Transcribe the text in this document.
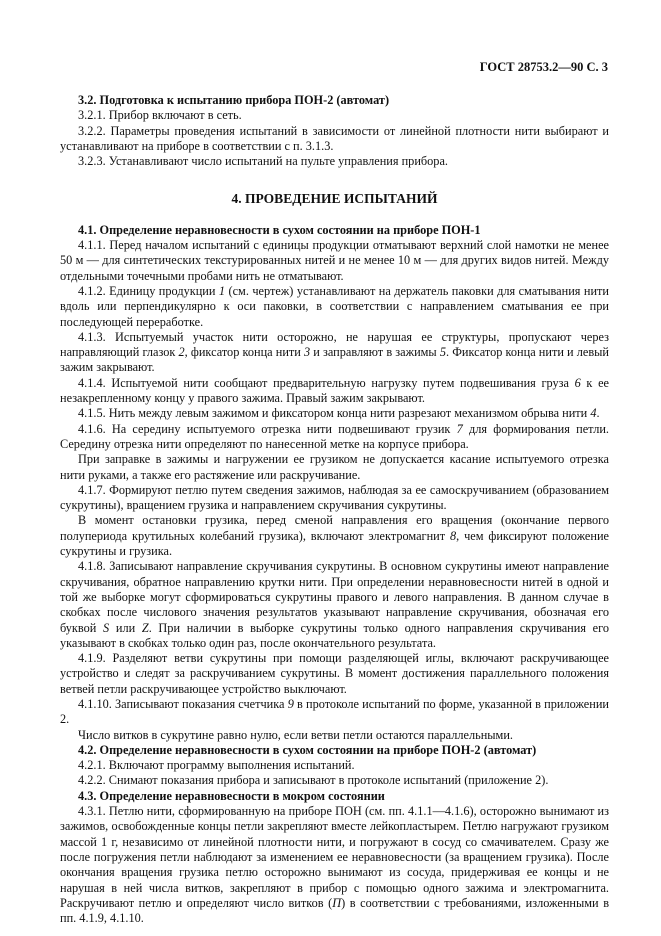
ГОСТ 28753.2—90 С. 3

3.2. Подготовка к испытанию прибора ПОН-2 (автомат)

3.2.1. Прибор включают в сеть.

3.2.2. Параметры проведения испытаний в зависимости от линейной плотности нити выбирают и устанавливают на приборе в соответствии с п. 3.1.3.

3.2.3. Устанавливают число испытаний на пульте управления прибора.

4. ПРОВЕДЕНИЕ ИСПЫТАНИЙ

4.1. Определение неравновесности в сухом состоянии на приборе ПОН-1

4.1.1. Перед началом испытаний с единицы продукции отматывают верхний слой намотки не менее 50 м — для синтетических текстурированных нитей и не менее 10 м — для других видов нитей. Между отдельными точечными пробами нить не отматывают.

4.1.2. Единицу продукции 1 (см. чертеж) устанавливают на держатель паковки для сматывания нити вдоль или перпендикулярно к оси паковки, в соответствии с направлением сматывания ее при последующей переработке.

4.1.3. Испытуемый участок нити осторожно, не нарушая ее структуры, пропускают через направляющий глазок 2, фиксатор конца нити 3 и заправляют в зажимы 5. Фиксатор конца нити и левый зажим закрывают.

4.1.4. Испытуемой нити сообщают предварительную нагрузку путем подвешивания груза 6 к ее незакрепленному концу у правого зажима. Правый зажим закрывают.

4.1.5. Нить между левым зажимом и фиксатором конца нити разрезают механизмом обрыва нити 4.

4.1.6. На середину испытуемого отрезка нити подвешивают грузик 7 для формирования петли. Середину отрезка нити определяют по нанесенной метке на корпусе прибора.

При заправке в зажимы и нагружении ее грузиком не допускается касание испытуемого отрезка нити руками, а также его растяжение или раскручивание.

4.1.7. Формируют петлю путем сведения зажимов, наблюдая за ее самоскручиванием (образованием сукрутины), вращением грузика и направлением скручивания сукрутины.

В момент остановки грузика, перед сменой направления его вращения (окончание первого полупериода крутильных колебаний грузика), включают электромагнит 8, чем фиксируют положение сукрутины и грузика.

4.1.8. Записывают направление скручивания сукрутины. В основном сукрутины имеют направление скручивания, обратное направлению крутки нити. При определении неравновесности нитей в одной и той же выборке могут сформироваться сукрутины правого и левого направления. В данном случае в скобках после числового значения результатов указывают направление скручивания, обозначая его буквой S или Z. При наличии в выборке сукрутины только одного направления скручивания его указывают в скобках только один раз, после окончательного результата.

4.1.9. Разделяют ветви сукрутины при помощи разделяющей иглы, включают раскручивающее устройство и следят за раскручиванием сукрутины. В момент достижения параллельного положения ветвей петли раскручивающее устройство выключают.

4.1.10. Записывают показания счетчика 9 в протоколе испытаний по форме, указанной в приложении 2.

Число витков в сукрутине равно нулю, если ветви петли остаются параллельными.

4.2. Определение неравновесности в сухом состоянии на приборе ПОН-2 (автомат)

4.2.1. Включают программу выполнения испытаний.

4.2.2. Снимают показания прибора и записывают в протоколе испытаний (приложение 2).

4.3. Определение неравновесности в мокром состоянии

4.3.1. Петлю нити, сформированную на приборе ПОН (см. пп. 4.1.1—4.1.6), осторожно вынимают из зажимов, освобожденные концы петли закрепляют вместе лейкопластырем. Петлю нагружают грузиком массой 1 г, независимо от линейной плотности нити, и погружают в сосуд со смачивателем. Сразу же после погружения петли наблюдают за изменением ее неравновесности (за вращением грузика). После окончания вращения грузика петлю осторожно вынимают из сосуда, придерживая ее концы и не нарушая в ней числа витков, закрепляют в прибор с помощью одного зажима и электромагнита. Раскручивают петлю и определяют число витков (П) в соответствии с требованиями, изложенными в пп. 4.1.9, 4.1.10.
